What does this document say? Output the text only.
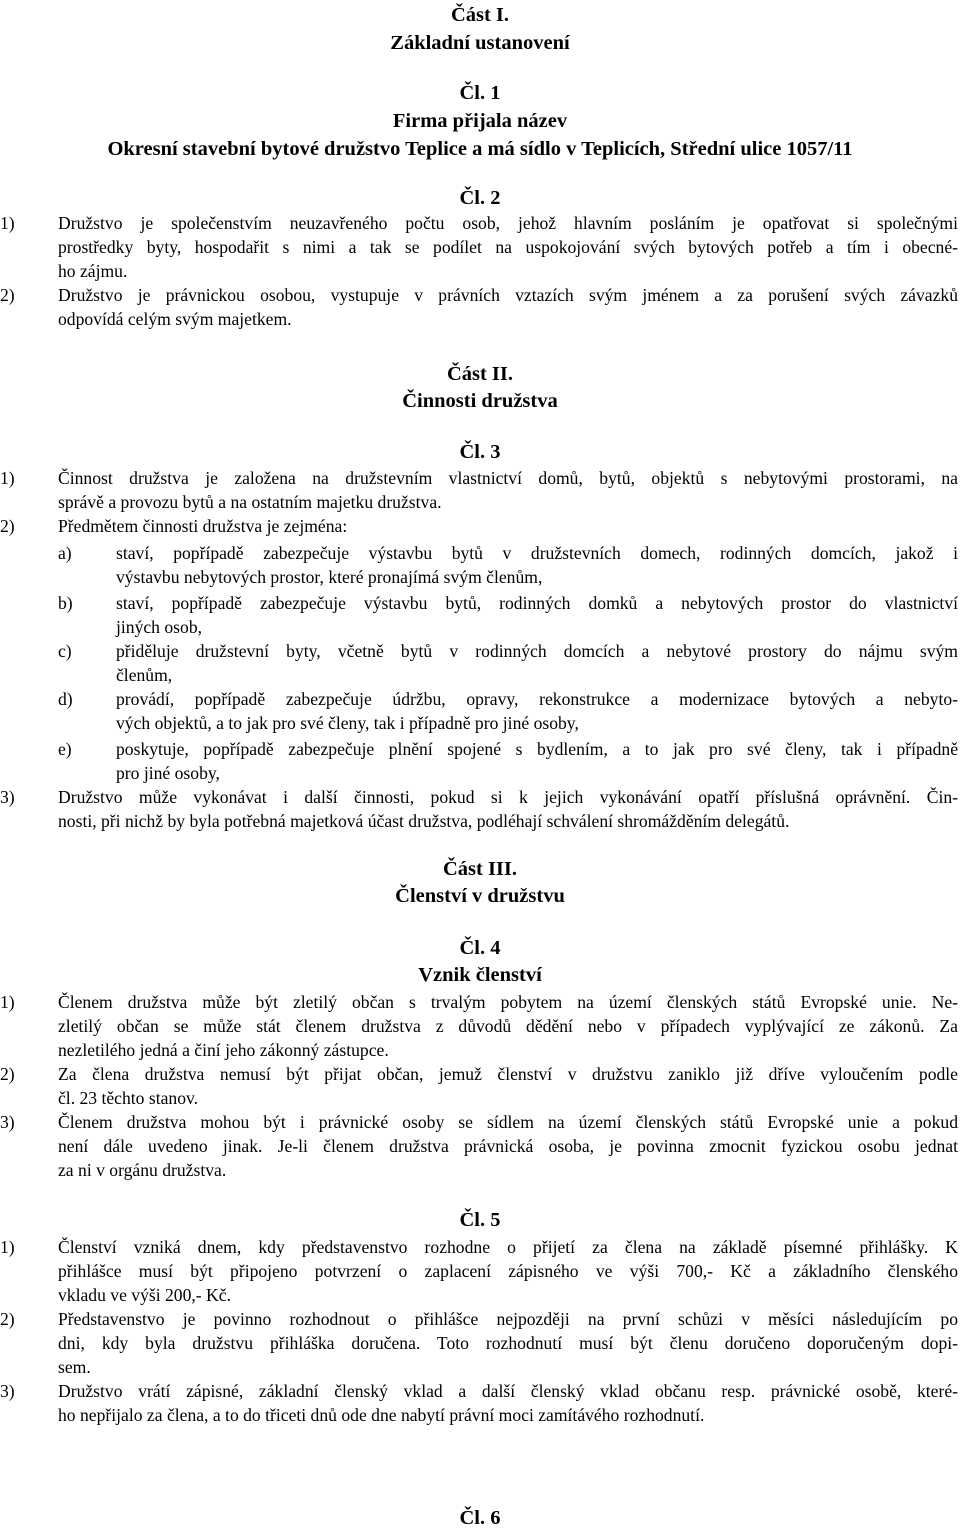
Část I.
Základní ustanovení
Čl. 1
Firma přijala název
Okresní stavební bytové družstvo Teplice a má sídlo v Teplicích, Střední ulice 1057/11
Čl. 2
1) Družstvo je společenstvím neuzavřeného počtu osob, jehož hlavním posláním je opatřovat si společnými
prostředky byty, hospodařit s nimi a tak se podílet na uspokojování svých bytových potřeb a tím i obecné-
ho zájmu.
2) Družstvo je právnickou osobou, vystupuje v právních vztazích svým jménem a za porušení svých závazků
odpovídá celým svým majetkem.
Část II.
Činnosti družstva
Čl. 3
1) Činnost družstva je založena na družstevním vlastnictví domů, bytů, objektů s nebytovými prostorami, na
správě a provozu bytů a na ostatním majetku družstva.
2) Předmětem činnosti družstva je zejména:
a)	staví, popřípadě zabezpečuje výstavbu bytů v družstevních domech, rodinných domcích, jakož i
výstavbu nebytových prostor, které pronajímá svým členům,
b) staví, popřípadě zabezpečuje výstavbu bytů, rodinných domků a nebytových prostor do vlastnictví
jiných osob,
c)	přiděluje družstevní byty, včetně bytů v rodinných domcích a nebytové prostory do nájmu svým
členům,
d) provádí, popřípadě zabezpečuje údržbu, opravy, rekonstrukce a modernizace bytových a nebyto-
vých objektů, a to jak pro své členy, tak i případně pro jiné osoby,
e)	poskytuje, popřípadě zabezpečuje plnění spojené s bydlením, a to jak pro své členy, tak i případně
pro jiné osoby,
3) Družstvo může vykonávat i další činnosti, pokud si k jejich vykonávání opatří příslušná oprávnění. Čin-
nosti, při nichž by byla potřebná majetková účast družstva, podléhají schválení shromážděním delegátů.
Část III.
Členství v družstvu
Čl. 4
Vznik členství
1) Členem družstva může být zletilý občan s trvalým pobytem na území členských států Evropské unie. Ne-
zletilý občan se může stát členem družstva z důvodů dědění nebo v případech vyplývající ze zákonů. Za
nezletilého jedná a činí jeho zákonný zástupce.
2) Za člena družstva nemusí být přijat občan, jemuž členství v družstvu zaniklo již dříve vyloučením podle
čl. 23 těchto stanov.
3) Členem družstva mohou být i právnické osoby se sídlem na území členských států Evropské unie a pokud
není dále uvedeno jinak. Je-li členem družstva právnická osoba, je povinna zmocnit fyzickou osobu jednat
za ni v orgánu družstva.
Čl. 5
1) Členství vzniká dnem, kdy představenstvo rozhodne o přijetí za člena na základě písemné přihlášky. K
přihlášce musí být připojeno potvrzení o zaplacení zápisného ve výši 700,- Kč a základního členského
vkladu ve výši 200,- Kč.
2) Představenstvo je povinno rozhodnout o přihlášce nejpozději na první schůzi v měsíci následujícím po
dni, kdy byla družstvu přihláška doručena. Toto rozhodnutí musí být členu doručeno doporučeným dopi-
sem.
3) Družstvo vrátí zápisné, základní členský vklad a další členský vklad občanu resp. právnické osobě, které-
ho nepřijalo za člena, a to do třiceti dnů ode dne nabytí právní moci zamítávého rozhodnutí.
Čl. 6
